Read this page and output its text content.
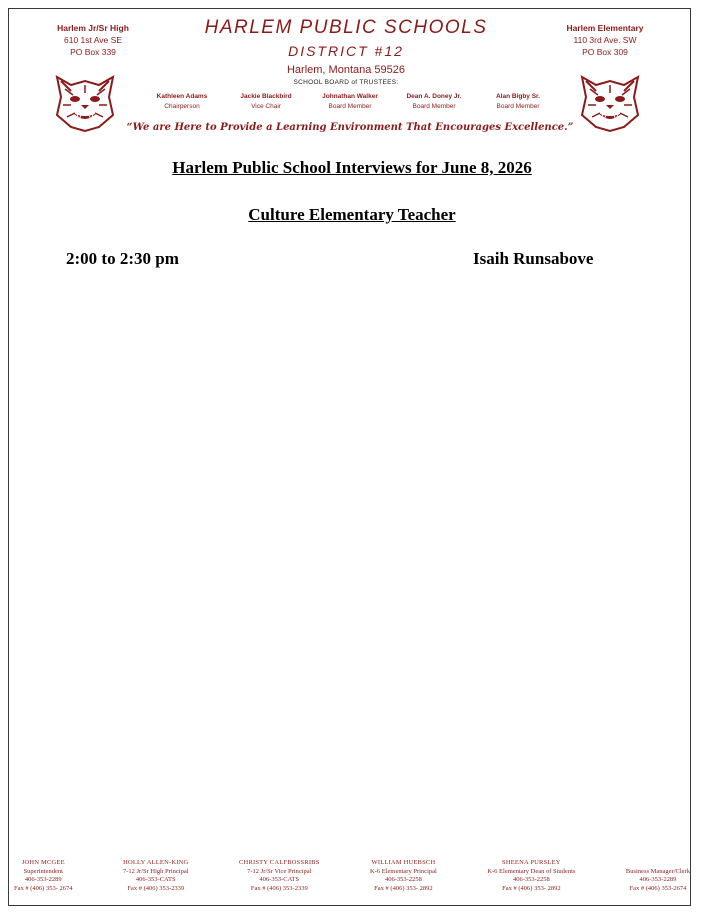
Harlem Jr/Sr High
610 1st Ave SE
PO Box 339
Harlem Elementary
110 3rd Ave. SW
PO Box 309
HARLEM PUBLIC SCHOOLS
DISTRICT #12
Harlem, Montana 59526
SCHOOL BOARD of TRUSTEES:
Kathleen Adams
Chairperson
Jackie Blackbird
Vice Chair
Johnathan Walker
Board Member
Dean A. Doney Jr.
Board Member
Alan Bigby Sr.
Board Member
“We are Here to Provide a Learning Environment That Encourages Excellence.”
Harlem Public School Interviews for June 8, 2026
Culture Elementary Teacher
2:00 to 2:30 pm	Isaih Runsabove
JOHN MCGEE
Superintendent
406-353-2289
Fax # (406) 353- 2674
HOLLY ALLEN-KING
7-12 Jr/Sr High Principal
406-353-CATS
Fax # (406) 353-2339
CHRISTY CALFBOSSRIBS
7-12 Jr/Sr Vice Principal
406-353-CATS
Fax # (406) 353-2339
WILLIAM HUEBSCH
K-6 Elementary Principal
406-353-2258
Fax # (406) 353- 2892
SHEENA PURSLEY
K-6 Elementary Dean of Students
406-353-2258
Fax # (406) 353- 2892

Business Manager/Clerk
406-353-2289
Fax # (406) 353-2674
